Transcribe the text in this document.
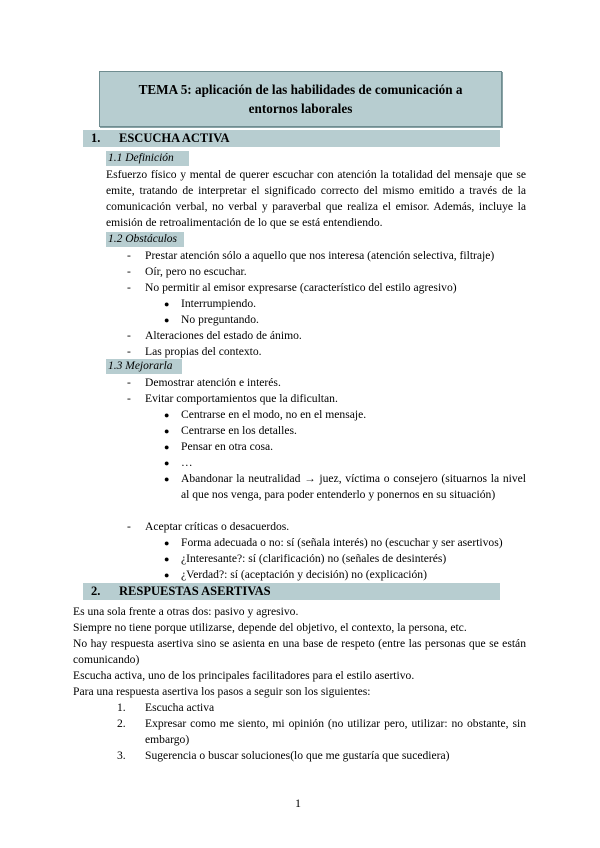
TEMA 5: aplicación de las habilidades de comunicación a entornos laborales
1.	ESCUCHA ACTIVA
1.1 Definición
Esfuerzo físico y mental de querer escuchar con atención la totalidad del mensaje que se emite, tratando de interpretar el significado correcto del mismo emitido a través de la comunicación verbal, no verbal y paraverbal que realiza el emisor. Además, incluye la emisión de retroalimentación de lo que se está entendiendo.
1.2 Obstáculos
- Prestar atención sólo a aquello que nos interesa (atención selectiva, filtraje)
- Oír, pero no escuchar.
- No permitir al emisor expresarse (característico del estilo agresivo)
● Interrumpiendo.
● No preguntando.
- Alteraciones del estado de ánimo.
- Las propias del contexto.
1.3 Mejorarla
- Demostrar atención e interés.
- Evitar comportamientos que la dificultan.
● Centrarse en el modo, no en el mensaje.
● Centrarse en los detalles.
● Pensar en otra cosa.
● …
● Abandonar la neutralidad → juez, víctima o consejero (situarnos la nivel al que nos venga, para poder entenderlo y ponernos en su situación)
- Aceptar críticas o desacuerdos.
● Forma adecuada o no: sí (señala interés) no (escuchar y ser asertivos)
● ¿Interesante?: sí (clarificación) no (señales de desinterés)
● ¿Verdad?: sí (aceptación y decisión) no (explicación)
2.	RESPUESTAS ASERTIVAS
Es una sola frente a otras dos: pasivo y agresivo.
Siempre no tiene porque utilizarse, depende del objetivo, el contexto, la persona, etc.
No hay respuesta asertiva sino se asienta en una base de respeto (entre las personas que se están comunicando)
Escucha activa, uno de los principales facilitadores para el estilo asertivo.
Para una respuesta asertiva los pasos a seguir son los siguientes:
1. Escucha activa
2. Expresar como me siento, mi opinión (no utilizar pero, utilizar: no obstante, sin embargo)
3. Sugerencia o buscar soluciones(lo que me gustaría que sucediera)
1
